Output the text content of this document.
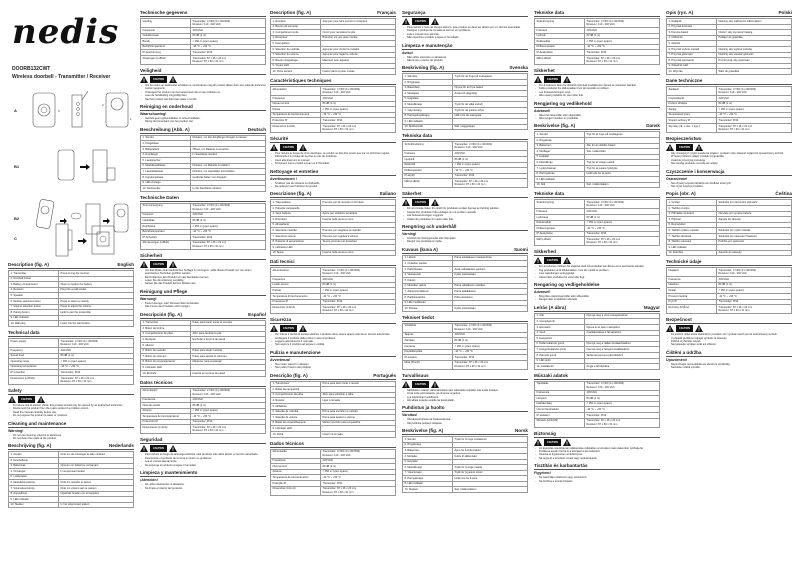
nedis
DOORB132CWT
Wireless doorbell - Transmitter / Receiver
A	3
2
1
B1
B2
C
Description (fig. A)	English
1. Transmitter	Press to ring the receiver
2. Doorbell button	
3. Battery compartment	Open to replace the battery
4. Receiver	Plug into a wall socket
5. Speaker	
6. Melody selection button	Press to select a melody
7. Volume selection button	Press to adjust the volume
8. Pairing button	Hold to pair the transmitter
9. LED indicator	
10. Wall plug	Insert into the wall socket
Technical data
Power supply	Transmitter: 3 VDC (1x CR2032)
Receiver: 110 - 240 VAC
Frequency	433 MHz
Sound level	80 dB (1 m)
Operating range	< 150 m (open space)
Operating temperature	-10 °C ~ +50 °C
IP protection	Transmitter: IP44
Dimensions (LxWxH)	Transmitter: 87 x 46 x 23 mm
Receiver: 87 x 60 x 31 mm
Safety
CAUTION
- To reduce risk of electric shock, this product should only be opened by an authorized technician.
- Disconnect the product from the mains socket if a problem occurs.
- Read the manual carefully before use.
- Do not expose the product to water or moisture.
Cleaning and maintenance
Warning!
- Do not use cleaning solvents or abrasives.
- Do not clean the inside of the product.
Beschrijving (fig. A)	Nederlands
1. Zender	Druk om de ontvanger te laten rinkelen
2. Deurbelknop	
3. Batterijvak	Openen om batterij te vervangen
4. Ontvanger	In stopcontact steken
5. Luidspreker	
6. Melodiekeuzeknop	Druk om melodie te kiezen
7. Volumekeuzeknop	Druk om volume aan te passen
8. Koppelknop	Ingedrukt houden om te koppelen
9. LED-indicator	
10. Stekker	In het stopcontact steken
Technische gegevens
Voeding	Transmitter: 3 VDC (1x CR2032)
Receiver: 110 - 240 VAC
Frequentie	433 MHz
Geluidsniveau	80 dB (1 m)
Bereik	< 150 m (open space)
Bedrijfstemperatuur	-10 °C ~ +50 °C
IP-bescherming	Transmitter: IP44
Afmetingen (LxBxH)	Transmitter: 87 x 46 x 23 mm
Receiver: 87 x 60 x 31 mm
Veiligheid
CAUTION
- Om het risico op elektrische schokken te verminderen mag dit product alleen door een erkende technicus worden geopend.
- Ontkoppel het product van het stopcontact als er een probleem is.
- Lees de handleiding zorgvuldig door.
- Stel het product niet bloot aan water of vocht.
Reiniging en onderhoud
Waarschuwing!
- Gebruik geen oplosmiddelen of schuurmiddelen.
- Reinig de binnenkant van het product niet.
Beschreibung (Abb. A)	Deutsch
1. Sender	Drücken, um den Empfänger klingeln zu lassen
2. Klingeltaste	
3. Batteriefach	Öffnen, um Batterie zu ersetzen
4. Empfänger	In Steckdose stecken
5. Lautsprecher	
6. Melodiewahltaste	Drücken, um Melodie zu wählen
7. Lautstärketaste	Drücken, um Lautstärke einzustellen
8. Kopplungstaste	Gedrückt halten zum Koppeln
9. LED-Anzeige	
10. Netzstecker	In die Steckdose stecken
Technische Daten
Stromversorgung	Transmitter: 3 VDC (1x CR2032)
Receiver: 110 - 240 VAC
Frequenz	433 MHz
Lautstärke	80 dB (1 m)
Reichweite	< 150 m (open space)
Betriebstemperatur	-10 °C ~ +50 °C
IP-Schutzart	Transmitter: IP44
Abmessungen (LxBxH)	Transmitter: 87 x 46 x 23 mm
Receiver: 87 x 60 x 31 mm
Sicherheit
CAUTION
- Um das Risiko eines elektrischen Schlags zu verringern, sollte dieses Produkt nur von einem autorisierten Techniker geöffnet werden.
- Bei Problemen das Produkt von der Steckdose trennen.
- Lesen Sie die Anleitung sorgfältig.
- Setzen Sie das Produkt keinem Wasser aus.
Reinigung und Pflege
Warnung!
- Keine Lösungs- oder Scheuermittel verwenden.
- Das Innere des Produkts nicht reinigen.
Descripción (fig. A)	Español
1. Transmisor	Pulse para hacer sonar el receptor
2. Botón del timbre	
3. Compartimento de pilas	Abrir para cambiar la pila
4. Receptor	Enchufar a la toma de pared
5. Altavoz	
6. Botón de melodía	Pulse para elegir melodía
7. Botón de volumen	Pulse para ajustar el volumen
8. Botón de emparejamiento	Mantener para emparejar
9. Indicador LED	
10. Enchufe	Insertar en la toma de pared
Datos técnicos
Alimentación	Transmitter: 3 VDC (1x CR2032)
Receiver: 110 - 240 VAC
Frecuencia	433 MHz
Nivel de sonido	80 dB (1 m)
Alcance	< 150 m (open space)
Temperatura de funcionamiento	-10 °C ~ +50 °C
Protección IP	Transmitter: IP44
Dimensiones (LxAxA)	Transmitter: 87 x 46 x 23 mm
Receiver: 87 x 60 x 31 mm
Seguridad
CAUTION
- Para reducir el riesgo de descarga eléctrica, este producto sólo debe abrirlo un técnico autorizado.
- Desconecte el producto de la toma si ocurre un problema.
- Lea el manual atentamente.
- No exponga el producto al agua o humedad.
Limpieza y mantenimiento
¡Atención!
- No utilice disolventes ni abrasivos.
- No limpie el interior del producto.
Description (fig. A)	Français
1. Émetteur	Appuyez pour faire sonner le récepteur
2. Bouton de sonnette	
3. Compartiment à pile	Ouvrir pour remplacer la pile
4. Récepteur	Brancher sur une prise murale
5. Haut-parleur	
6. Sélection de mélodie	Appuyez pour choisir la mélodie
7. Sélection du volume	Appuyez pour régler le volume
8. Bouton d'appairage	Maintenir pour appairer
9. Voyant LED	
10. Fiche secteur	Insérer dans la prise murale
Caractéristiques techniques
Alimentation	Transmitter: 3 VDC (1x CR2032)
Receiver: 110 - 240 VAC
Fréquence	433 MHz
Niveau sonore	80 dB (1 m)
Portée	< 150 m (open space)
Température de fonctionnement	-10 °C ~ +50 °C
Protection IP	Transmitter: IP44
Dimensions (LxlxH)	Transmitter: 87 x 46 x 23 mm
Receiver: 87 x 60 x 31 mm
Sécurité
CAUTION
- Pour réduire le risque de choc électrique, ce produit ne doit être ouvert que par un technicien agréé.
- Débranchez le produit de la prise en cas de problème.
- Lisez attentivement le manuel.
- N'exposez pas le produit à l'eau ou à l'humidité.
Nettoyage et entretien
Avertissement !
- N'utilisez pas de solvants ou d'abrasifs.
- Ne nettoyez pas l'intérieur du produit.
Descrizione (fig. A)	Italiano
1. Trasmettitore	Premere per far suonare il ricevitore
2. Pulsante campanello	
3. Vano batteria	Aprire per sostituire la batteria
4. Ricevitore	Inserire nella presa a muro
5. Altoparlante	
6. Selezione melodia	Premere per scegliere la melodia
7. Selezione volume	Premere per regolare il volume
8. Pulsante di associazione	Tenere premuto per associare
9. Indicatore LED	
10. Spina	Inserire nella presa a muro
Dati tecnici
Alimentazione	Transmitter: 3 VDC (1x CR2032)
Receiver: 110 - 240 VAC
Frequenza	433 MHz
Livello sonoro	80 dB (1 m)
Portata	< 150 m (open space)
Temperatura di funzionamento	-10 °C ~ +50 °C
Protezione IP	Transmitter: IP44
Dimensioni (LxPxA)	Transmitter: 87 x 46 x 23 mm
Receiver: 87 x 60 x 31 mm
Sicurezza
CAUTION
- Per ridurre il rischio di scossa elettrica, il prodotto deve essere aperto solo da un tecnico autorizzato.
- Scollegare il prodotto dalla presa in caso di problemi.
- Leggere attentamente il manuale.
- Non esporre il prodotto ad acqua o umidità.
Pulizia e manutenzione
Avvertenza!
- Non usare solventi o abrasivi.
- Non pulire l'interno del prodotto.
Descrição (fig. A)	Português
1. Transmissor	Prima para fazer tocar o recetor
2. Botão da campainha	
3. Compartimento da pilha	Abrir para substituir a pilha
4. Recetor	Ligar à tomada
5. Altifalante	
6. Seleção de melodia	Prima para escolher a melodia
7. Seleção de volume	Prima para ajustar o volume
8. Botão de emparelhamento	Manter premido para emparelhar
9. Indicador LED	
10. Ficha	Inserir na tomada
Dados técnicos
Alimentação	Transmitter: 3 VDC (1x CR2032)
Receiver: 110 - 240 VAC
Frequência	433 MHz
Nível sonoro	80 dB (1 m)
Alcance	< 150 m (open space)
Temperatura de funcionamento	-10 °C ~ +50 °C
Proteção IP	Transmitter: IP44
Dimensões (CxLxA)	Transmitter: 87 x 46 x 23 mm
Receiver: 87 x 60 x 31 mm
Segurança
CAUTION
- Para reduzir o risco de choque elétrico, este produto só deve ser aberto por um técnico autorizado.
- Desligue o produto da tomada se ocorrer um problema.
- Leia o manual com atenção.
- Não exponha o produto a água ou humidade.
Limpeza e manutenção
Aviso!
- Não utilize solventes ou abrasivos.
- Não limpe o interior do produto.
Beskrivning (fig. A)	Svenska
1. Sändare	Tryck för att ringa på mottagaren
2. Ringknapp	
3. Batterifack	Öppna för att byta batteri
4. Mottagare	Anslut till vägguttag
5. Högtalare	
6. Melodiknapp	Tryck för att välja melodi
7. Volymknapp	Tryck för att justera volym
8. Parkopplingsknapp	Håll in för att parkoppla
9. LED-indikator	
10. Stickkontakt	Sätt i vägguttaget
Tekniska data
Strömförsörjning	Transmitter: 3 VDC (1x CR2032)
Receiver: 110 - 240 VAC
Frekvens	433 MHz
Ljudnivå	80 dB (1 m)
Räckvidd	< 150 m (open space)
Drifttemperatur	-10 °C ~ +50 °C
IP-skydd	Transmitter: IP44
Mått (LxBxH)	Transmitter: 87 x 46 x 23 mm
Receiver: 87 x 60 x 31 mm
Säkerhet
CAUTION
- För att minska risken för elstöt bör produkten endast öppnas av behörig tekniker.
- Koppla bort produkten från eluttaget om ett problem uppstår.
- Läs bruksanvisningen noggrant.
- Utsätt inte produkten för vatten eller fukt.
Rengöring och underhåll
Varning!
- Använd inte lösningsmedel eller slipmedel.
- Rengör inte produktens insida.
Kuvaus (kuva A)	Suomi
1. Lähetin	Paina soittaaksesi vastaanotinta
2. Ovikellon painike	
3. Paristokotelo	Avaa vaihtaaksesi pariston
4. Vastaanotin	Kytke pistorasiaan
5. Kaiutin	
6. Melodian valinta	Paina valitaksesi melodian
7. Äänenvoimakkuus	Paina säätääksesi
8. Pariliitospainike	Pidä painettuna
9. LED-merkkivalo	
10. Pistoke	Kytke pistorasiaan
Tekniset tiedot
Virtalähde	Transmitter: 3 VDC (1x CR2032)
Receiver: 110 - 240 VAC
Taajuus	433 MHz
Äänitaso	80 dB (1 m)
Kantama	< 150 m (open space)
Käyttölämpötila	-10 °C ~ +50 °C
IP-suojaus	Transmitter: IP44
Mitat (PxLxK)	Transmitter: 87 x 46 x 23 mm
Receiver: 87 x 60 x 31 mm
Turvallisuus
CAUTION
- Sähköiskun vaaran vähentämiseksi vain valtuutettu teknikko saa avata tuotteen.
- Irrota tuote pistorasiasta, jos ilmenee ongelma.
- Lue käyttöohje huolellisesti.
- Älä altista tuotetta vedelle tai kosteudelle.
Puhdistus ja huolto
Varoitus!
- Älä käytä liuottimia tai hankausaineita.
- Älä puhdista tuotteen sisäosia.
Beskrivelse (fig. A)	Norsk
1. Sender	Trykk for å ringe mottakeren
2. Ringeknapp	
3. Batterirom	Åpne for å bytte batteri
4. Mottaker	Koble til stikkontakt
5. Høyttaler	
6. Melodiknapp	Trykk for å velge melodi
7. Volumknapp	Trykk for å justere volum
8. Paringsknapp	Hold inne for å pare
9. LED-indikator	
10. Støpsel	Sett i stikkontakten
Tekniske data
Strømforsyning	Transmitter: 3 VDC (1x CR2032)
Receiver: 110 - 240 VAC
Frekvens	433 MHz
Lydnivå	80 dB (1 m)
Rekkevidde	< 150 m (open space)
Driftstemperatur	-10 °C ~ +50 °C
IP-beskyttelse	Transmitter: IP44
Mål (LxBxH)	Transmitter: 87 x 46 x 23 mm
Receiver: 87 x 60 x 31 mm
Sikkerhet
CAUTION
- For å redusere faren for elektrisk støt skal produktet kun åpnes av autorisert tekniker.
- Koble produktet fra stikkontakten hvis det oppstår et problem.
- Les bruksanvisningen nøye.
- Ikke utsett produktet for vann eller fukt.
Rengjøring og vedlikehold
Advarsel!
- Ikke bruk løsemidler eller slipemidler.
- Ikke rengjør innsiden av produktet.
Beskrivelse (fig. A)	Dansk
1. Sender	Tryk for at ringe på modtageren
2. Ringeknap	
3. Batterirum	Åbn for at udskifte batteri
4. Modtager	Sæt i stikkontakt
5. Højttaler	
6. Melodiknap	Tryk for at vælge melodi
7. Lydstyrkeknap	Tryk for at justere lydstyrke
8. Parringsknap	Hold inde for at parre
9. LED-indikator	
10. Stik	Sæt i stikkontakten
Tekniske data
Strømforsyning	Transmitter: 3 VDC (1x CR2032)
Receiver: 110 - 240 VAC
Frekvens	433 MHz
Lydniveau	80 dB (1 m)
Rækkevidde	< 150 m (open space)
Driftstemperatur	-10 °C ~ +50 °C
IP-beskyttelse	Transmitter: IP44
Mål (LxBxH)	Transmitter: 87 x 46 x 23 mm
Receiver: 87 x 60 x 31 mm
Sikkerhed
CAUTION
- For at reducere risikoen for elektrisk stød må produktet kun åbnes af en autoriseret tekniker.
- Tag produktet ud af stikkontakten, hvis der opstår et problem.
- Læs vejledningen omhyggeligt.
- Udsæt ikke produktet for vand eller fugt.
Rengøring og vedligeholdelse
Advarsel!
- Brug ikke opløsningsmidler eller slibemidler.
- Rengør ikke produktets inderside.
Leírás (A ábra)	Magyar
1. Adó	Nyomja meg a vevő csengetéséhez
2. Csengőgomb	
3. Elemtartó	Nyissa ki az elem cseréjéhez
4. Vevő	Csatlakoztassa a fali aljzathoz
5. Hangszóró	
6. Dallamválasztó gomb	Nyomja meg a dallam kiválasztásához
7. Hangerőválasztó gomb	Nyomja meg a hangerő beállításához
8. Párosító gomb	Tartsa lenyomva a párosításhoz
9. LED-jelző	
10. Csatlakozó	Dugja a fali aljzatba
Műszaki adatok
Tápellátás	Transmitter: 3 VDC (1x CR2032)
Receiver: 110 - 240 VAC
Frekvencia	433 MHz
Hangerő	80 dB (1 m)
Hatótávolság	< 150 m (open space)
Üzemi hőmérséklet	-10 °C ~ +50 °C
IP-védelem	Transmitter: IP44
Méretek (HxSzxM)	Transmitter: 87 x 46 x 23 mm
Receiver: 87 x 60 x 31 mm
Biztonság
CAUTION
- Az áramütés veszélyének csökkentése érdekében a terméket csak szakember nyithatja fel.
- Probléma esetén húzza ki a terméket a konnektorból.
- Olvassa el figyelmesen a kézikönyvet.
- Ne tegye ki a terméket víznek vagy nedvességnek.
Tisztítás és karbantartás
Figyelem!
- Ne használjon oldószert vagy súrolószert.
- Ne tisztítsa a termék belsejét.
Opis (rys. A)	Polski
1. Nadajnik	Naciśnij, aby zadzwonić odbiornikiem
2. Przycisk dzwonka	
3. Komora baterii	Otwórz, aby wymienić baterię
4. Odbiornik	Podłącz do gniazdka
5. Głośnik	
6. Przycisk wyboru melodii	Naciśnij, aby wybrać melodię
7. Przycisk głośności	Naciśnij, aby ustawić głośność
8. Przycisk parowania	Przytrzymaj, aby sparować
9. Wskaźnik LED	
10. Wtyczka	Włóż do gniazdka
Dane techniczne
Zasilanie	Transmitter: 3 VDC (1x CR2032)
Receiver: 110 - 240 VAC
Częstotliwość	433 MHz
Poziom dźwięku	80 dB (1 m)
Zasięg	< 150 m (open space)
Temperatura pracy	-10 °C ~ +50 °C
Stopień ochrony IP	Transmitter: IP44
Wymiary (dł. x szer. x wys.)	Transmitter: 87 x 46 x 23 mm
Receiver: 87 x 60 x 31 mm
Bezpieczeństwo
CAUTION
- Aby zmniejszyć ryzyko porażenia prądem, produkt może otwierać wyłącznie upoważniony technik.
- W razie problemu odłącz produkt od gniazdka.
- Uważnie przeczytaj instrukcję.
- Nie narażaj produktu na wodę ani wilgoć.
Czyszczenie i konserwacja
Ostrzeżenie!
- Nie używaj rozpuszczalników ani środków ściernych.
- Nie czyść wnętrza produktu.
Popis (obr. A)	Čeština
1. Vysílač	Stiskněte pro zazvonění přijímače
2. Tlačítko zvonku	
3. Přihrádka na baterii	Otevřete pro výměnu baterie
4. Přijímač	Zapojte do zásuvky
5. Reproduktor	
6. Tlačítko výběru melodie	Stiskněte pro výběr melodie
7. Tlačítko hlasitosti	Stiskněte pro nastavení hlasitosti
8. Tlačítko párování	Podržte pro spárování
9. LED indikátor	
10. Zástrčka	Zasuňte do zásuvky
Technické údaje
Napájení	Transmitter: 3 VDC (1x CR2032)
Receiver: 110 - 240 VAC
Frekvence	433 MHz
Hlasitost	80 dB (1 m)
Dosah	< 150 m (open space)
Provozní teplota	-10 °C ~ +50 °C
Krytí IP	Transmitter: IP44
Rozměry (DxŠxV)	Transmitter: 87 x 46 x 23 mm
Receiver: 87 x 60 x 31 mm
Bezpečnost
CAUTION
- Ke snížení rizika úrazu elektrickým proudem smí výrobek otevřít pouze autorizovaný technik.
- V případě problému odpojte výrobek ze zásuvky.
- Pečlivě si přečtěte návod.
- Nevystavujte výrobek vodě ani vlhkosti.
Čištění a údržba
Upozornění!
- Nepoužívejte rozpouštědla ani abrazivní prostředky.
- Nečistěte vnitřek výrobku.
